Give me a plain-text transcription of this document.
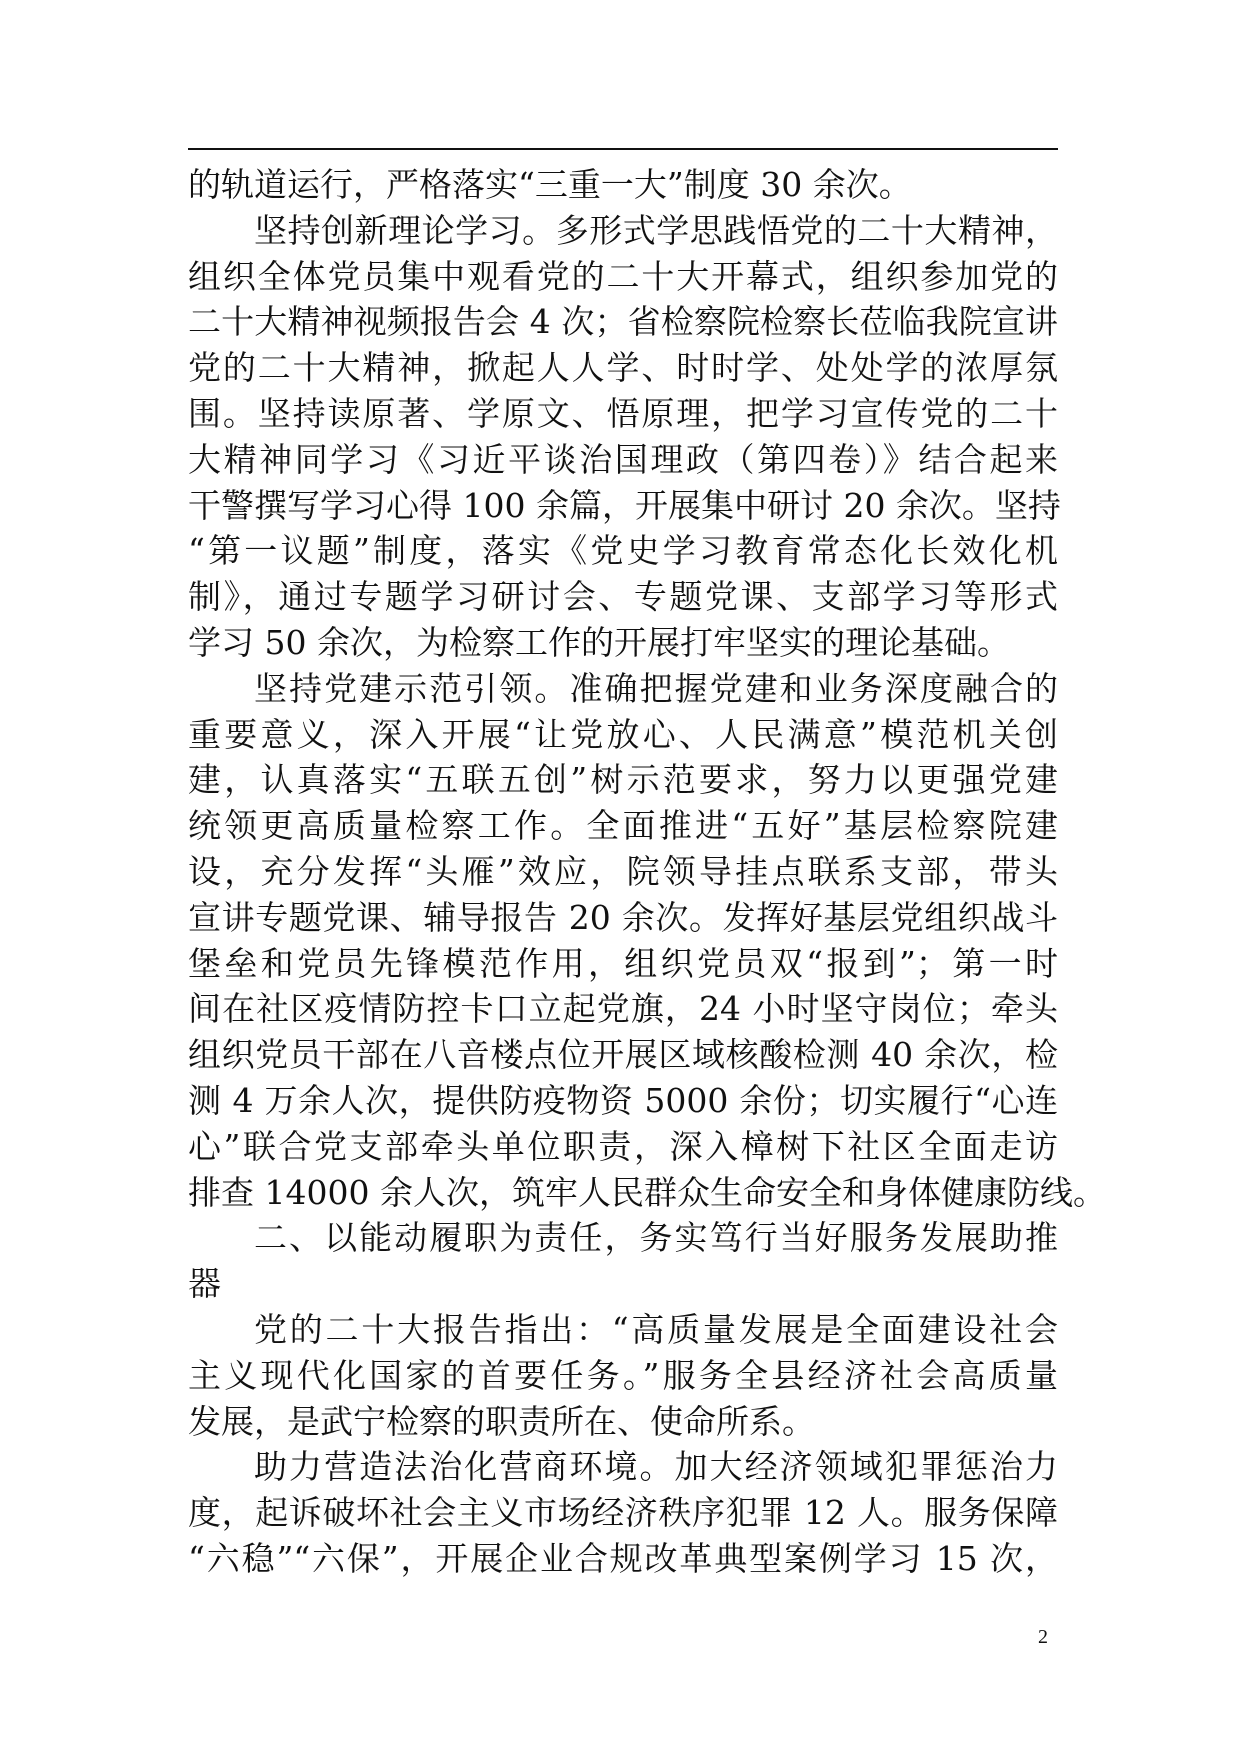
的轨道运行，严格落实“三重一大”制度 30 余次。
坚持创新理论学习。多形式学思践悟党的二十大精神，
组织全体党员集中观看党的二十大开幕式，组织参加党的
二十大精神视频报告会 4 次；省检察院检察长莅临我院宣讲
党的二十大精神，掀起人人学、时时学、处处学的浓厚氛
围。坚持读原著、学原文、悟原理，把学习宣传党的二十
大精神同学习《习近平谈治国理政（第四卷）》结合起来
干警撰写学习心得 100 余篇，开展集中研讨 20 余次。坚持
“第一议题”制度，落实《党史学习教育常态化长效化机
制》，通过专题学习研讨会、专题党课、支部学习等形式
学习 50 余次，为检察工作的开展打牢坚实的理论基础。
坚持党建示范引领。准确把握党建和业务深度融合的
重要意义，深入开展“让党放心、人民满意”模范机关创
建，认真落实“五联五创”树示范要求，努力以更强党建
统领更高质量检察工作。全面推进“五好”基层检察院建
设，充分发挥“头雁”效应，院领导挂点联系支部，带头
宣讲专题党课、辅导报告 20 余次。发挥好基层党组织战斗
堡垒和党员先锋模范作用，组织党员双“报到”；第一时
间在社区疫情防控卡口立起党旗，24 小时坚守岗位；牵头
组织党员干部在八音楼点位开展区域核酸检测 40 余次，检
测 4 万余人次，提供防疫物资 5000 余份；切实履行“心连
心”联合党支部牵头单位职责，深入樟树下社区全面走访
排查 14000 余人次，筑牢人民群众生命安全和身体健康防线。
二、以能动履职为责任，务实笃行当好服务发展助推
器
党的二十大报告指出：“高质量发展是全面建设社会
主义现代化国家的首要任务。”服务全县经济社会高质量
发展，是武宁检察的职责所在、使命所系。
助力营造法治化营商环境。加大经济领域犯罪惩治力
度，起诉破坏社会主义市场经济秩序犯罪 12 人。服务保障
“六稳”“六保”，开展企业合规改革典型案例学习 15 次，
2
